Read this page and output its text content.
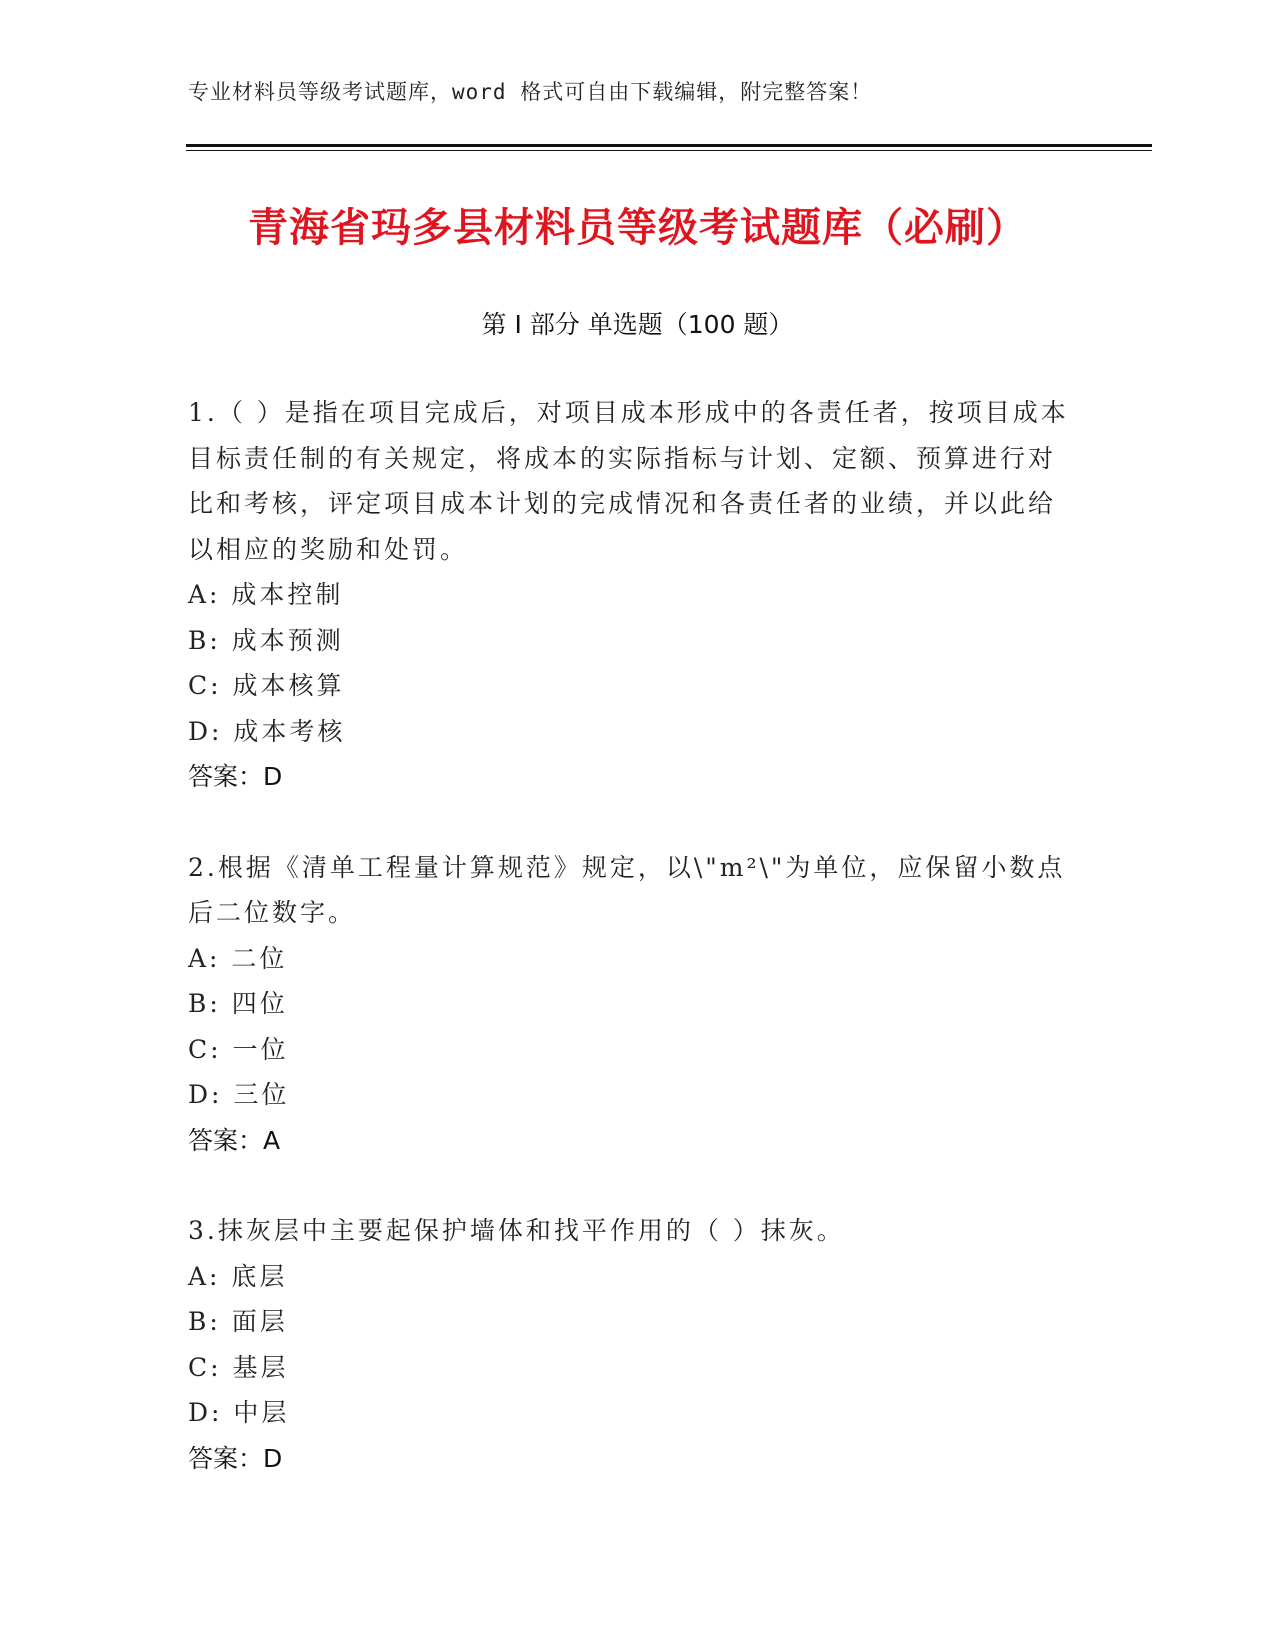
专业材料员等级考试题库，word 格式可自由下载编辑，附完整答案！
青海省玛多县材料员等级考试题库（必刷）
第 I 部分 单选题（100 题）
1.（ ）是指在项目完成后，对项目成本形成中的各责任者，按项目成本目标责任制的有关规定，将成本的实际指标与计划、定额、预算进行对比和考核，评定项目成本计划的完成情况和各责任者的业绩，并以此给以相应的奖励和处罚。
A: 成本控制
B: 成本预测
C: 成本核算
D: 成本考核
答案：D
2.根据《清单工程量计算规范》规定，以\"m²\"为单位，应保留小数点后二位数字。
A: 二位
B: 四位
C: 一位
D: 三位
答案：A
3.抹灰层中主要起保护墙体和找平作用的（ ）抹灰。
A: 底层
B: 面层
C: 基层
D: 中层
答案：D
